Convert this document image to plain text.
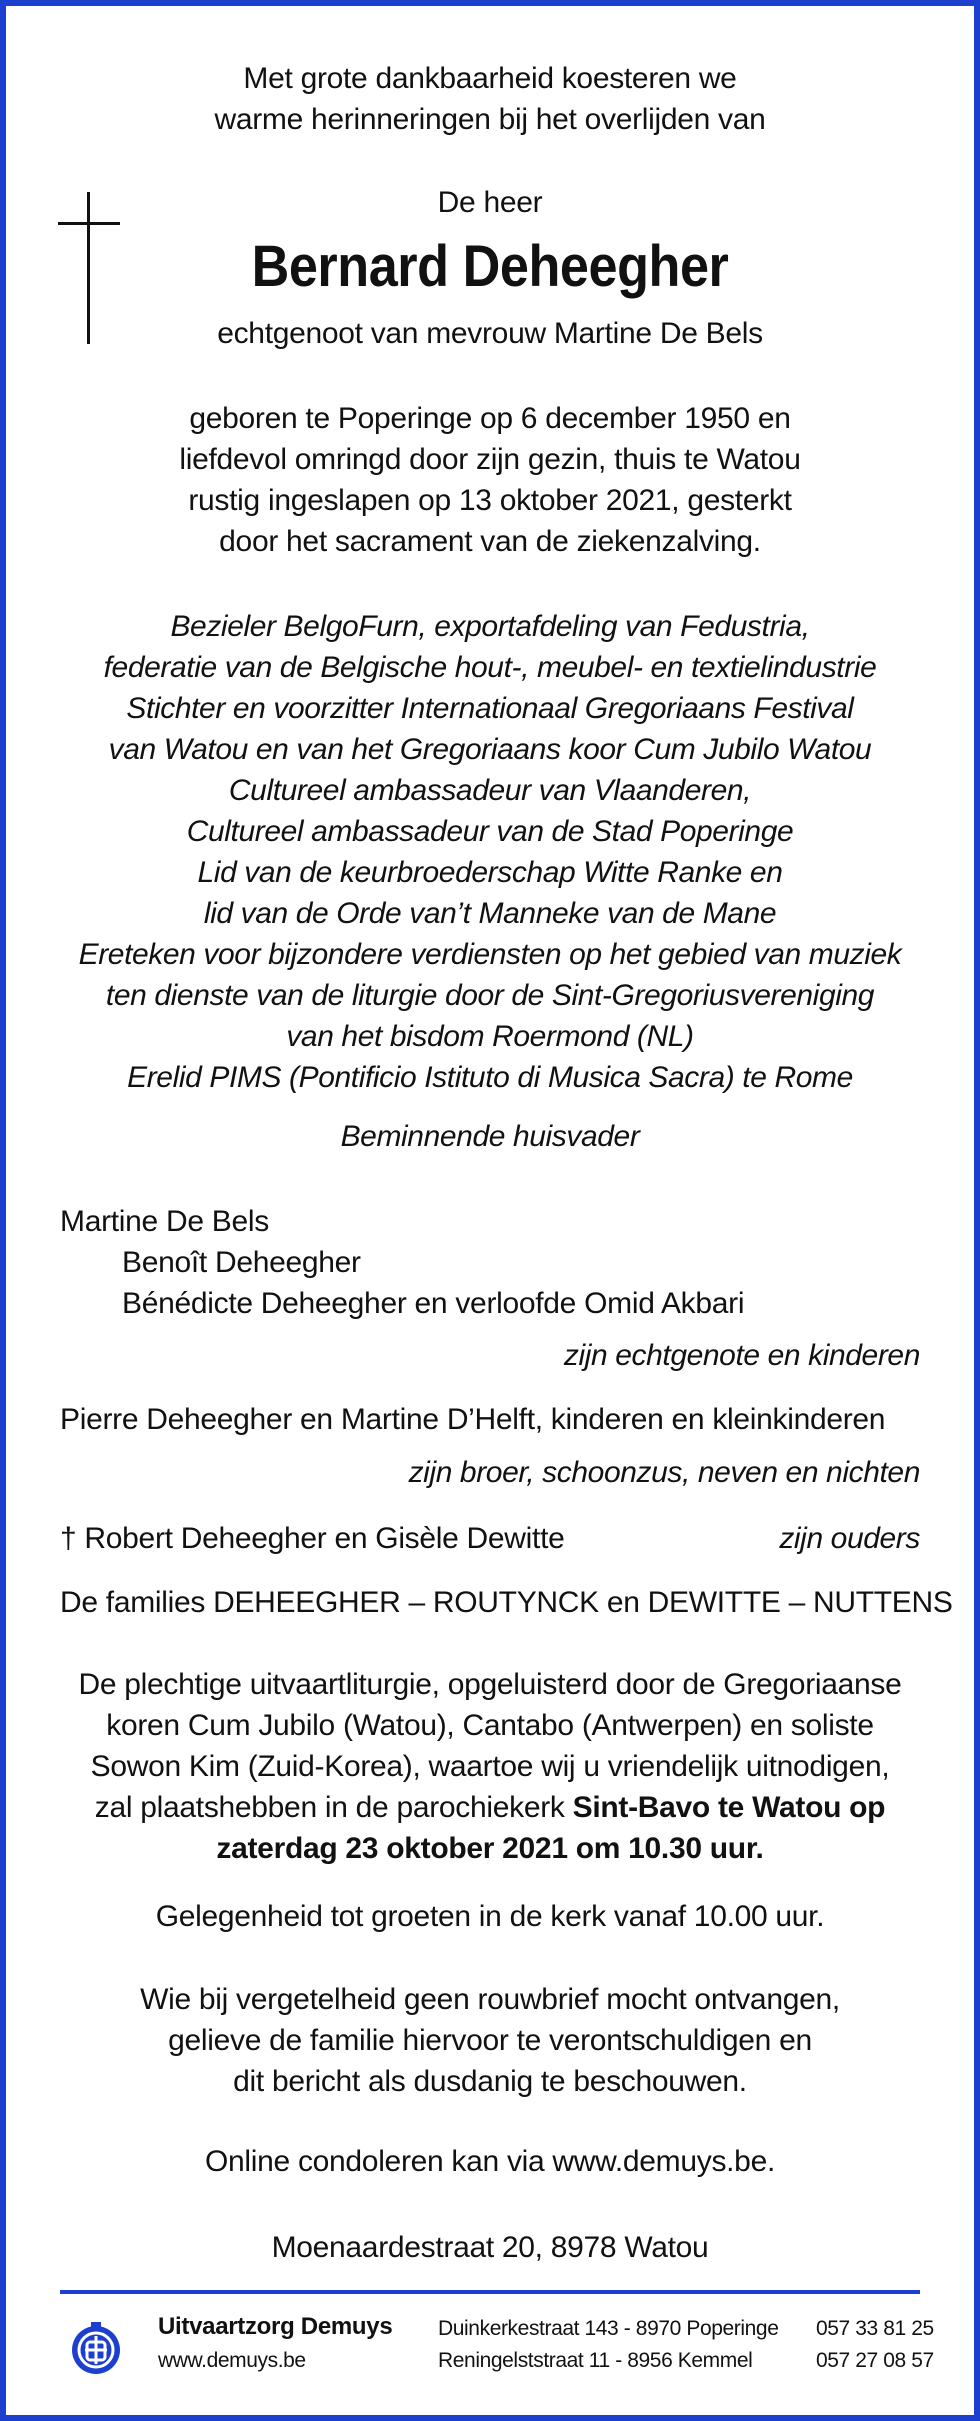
Met grote dankbaarheid koesteren we
warme herinneringen bij het overlijden van
De heer
Bernard Deheegher
echtgenoot van mevrouw Martine De Bels
geboren te Poperinge op 6 december 1950 en
liefdevol omringd door zijn gezin, thuis te Watou
rustig ingeslapen op 13 oktober 2021, gesterkt
door het sacrament van de ziekenzalving.
Bezieler BelgoFurn, exportafdeling van Fedustria,
federatie van de Belgische hout-, meubel- en textielindustrie
Stichter en voorzitter Internationaal Gregoriaans Festival
van Watou en van het Gregoriaans koor Cum Jubilo Watou
Cultureel ambassadeur van Vlaanderen,
Cultureel ambassadeur van de Stad Poperinge
Lid van de keurbroederschap Witte Ranke en
lid van de Orde van’t Manneke van de Mane
Ereteken voor bijzondere verdiensten op het gebied van muziek
ten dienste van de liturgie door de Sint-Gregoriusvereniging
van het bisdom Roermond (NL)
Erelid PIMS (Pontificio Istituto di Musica Sacra) te Rome
Beminnende huisvader
Martine De Bels
Benoît Deheegher
Bénédicte Deheegher en verloofde Omid Akbari
zijn echtgenote en kinderen
Pierre Deheegher en Martine D’Helft, kinderen en kleinkinderen
zijn broer, schoonzus, neven en nichten
† Robert Deheegher en Gisèle Dewitte	zijn ouders
De families DEHEEGHER – ROUTYNCK en DEWITTE – NUTTENS
De plechtige uitvaartliturgie, opgeluisterd door de Gregoriaanse
koren Cum Jubilo (Watou), Cantabo (Antwerpen) en soliste
Sowon Kim (Zuid-Korea), waartoe wij u vriendelijk uitnodigen,
zal plaatshebben in de parochiekerk Sint-Bavo te Watou op
zaterdag 23 oktober 2021 om 10.30 uur.
Gelegenheid tot groeten in de kerk vanaf 10.00 uur.
Wie bij vergetelheid geen rouwbrief mocht ontvangen,
gelieve de familie hiervoor te verontschuldigen en
dit bericht als dusdanig te beschouwen.
Online condoleren kan via www.demuys.be.
Moenaardestraat 20, 8978 Watou
Uitvaartzorg Demuys
www.demuys.be
Duinkerkestraat 143 - 8970 Poperinge
Reningelststraat 11 - 8956 Kemmel
057 33 81 25
057 27 08 57
